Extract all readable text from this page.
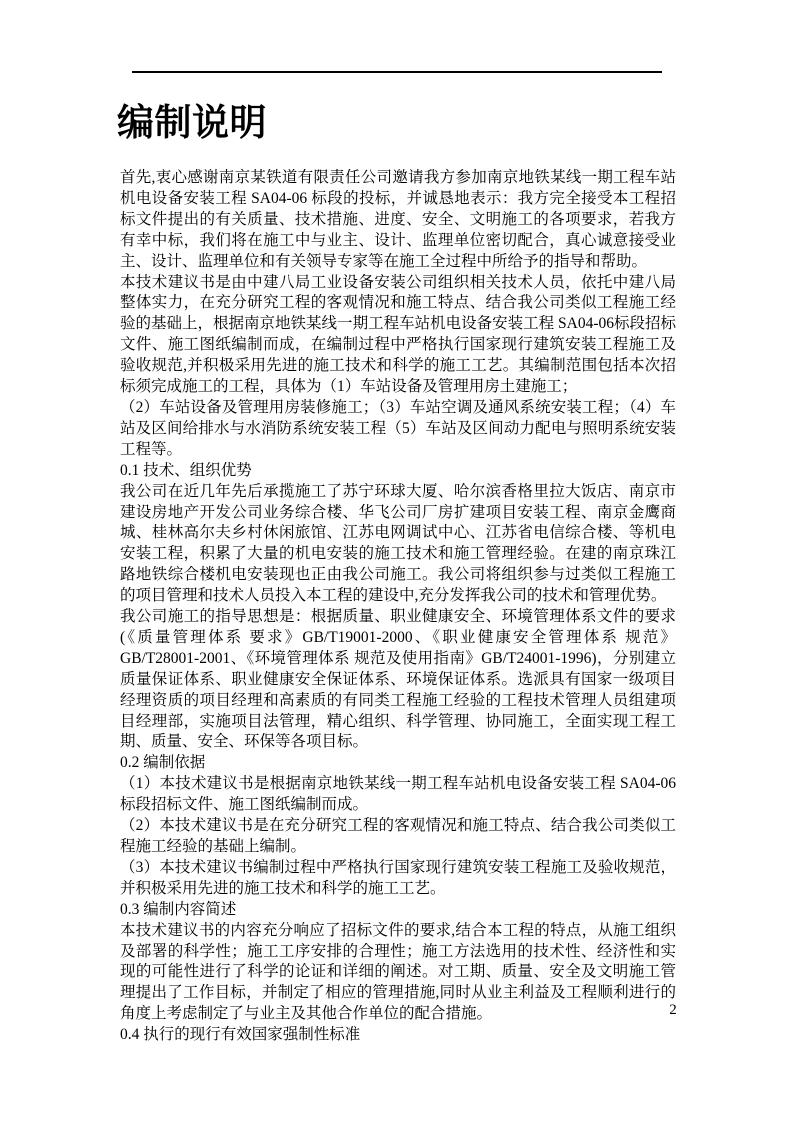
编制说明

首先,衷心感谢南京某铁道有限责任公司邀请我方参加南京地铁某线一期工程车站机电设备安装工程 SA04-06 标段的投标，并诚恳地表示：我方完全接受本工程招标文件提出的有关质量、技术措施、进度、安全、文明施工的各项要求，若我方有幸中标，我们将在施工中与业主、设计、监理单位密切配合，真心诚意接受业主、设计、监理单位和有关领导专家等在施工全过程中所给予的指导和帮助。

本技术建议书是由中建八局工业设备安装公司组织相关技术人员，依托中建八局整体实力，在充分研究工程的客观情况和施工特点、结合我公司类似工程施工经验的基础上，根据南京地铁某线一期工程车站机电设备安装工程 SA04-06标段招标文件、施工图纸编制而成，在编制过程中严格执行国家现行建筑安装工程施工及验收规范,并积极采用先进的施工技术和科学的施工工艺。其编制范围包括本次招标须完成施工的工程，具体为（1）车站设备及管理用房土建施工；

（2）车站设备及管理用房装修施工；（3）车站空调及通风系统安装工程；（4）车站及区间给排水与水消防系统安装工程（5）车站及区间动力配电与照明系统安装工程等。

0.1 技术、组织优势

我公司在近几年先后承揽施工了苏宁环球大厦、哈尔滨香格里拉大饭店、南京市建设房地产开发公司业务综合楼、华飞公司厂房扩建项目安装工程、南京金鹰商城、桂林高尔夫乡村休闲旅馆、江苏电网调试中心、江苏省电信综合楼、等机电安装工程，积累了大量的机电安装的施工技术和施工管理经验。在建的南京珠江路地铁综合楼机电安装现也正由我公司施工。我公司将组织参与过类似工程施工的项目管理和技术人员投入本工程的建设中,充分发挥我公司的技术和管理优势。

我公司施工的指导思想是：根据质量、职业健康安全、环境管理体系文件的要求(《质量管理体系 要求》GB/T19001-2000、《职业健康安全管理体系 规范》GB/T28001-2001、《环境管理体系 规范及使用指南》GB/T24001-1996)，分别建立质量保证体系、职业健康安全保证体系、环境保证体系。选派具有国家一级项目经理资质的项目经理和高素质的有同类工程施工经验的工程技术管理人员组建项目经理部，实施项目法管理，精心组织、科学管理、协同施工，全面实现工程工期、质量、安全、环保等各项目标。

0.2 编制依据

（1）本技术建议书是根据南京地铁某线一期工程车站机电设备安装工程 SA04-06 标段招标文件、施工图纸编制而成。

（2）本技术建议书是在充分研究工程的客观情况和施工特点、结合我公司类似工程施工经验的基础上编制。

（3）本技术建议书编制过程中严格执行国家现行建筑安装工程施工及验收规范，并积极采用先进的施工技术和科学的施工工艺。

0.3 编制内容简述

本技术建议书的内容充分响应了招标文件的要求,结合本工程的特点，从施工组织及部署的科学性；施工工序安排的合理性；施工方法选用的技术性、经济性和实现的可能性进行了科学的论证和详细的阐述。对工期、质量、安全及文明施工管理提出了工作目标，并制定了相应的管理措施,同时从业主利益及工程顺利进行的角度上考虑制定了与业主及其他合作单位的配合措施。

0.4 执行的现行有效国家强制性标准

2
